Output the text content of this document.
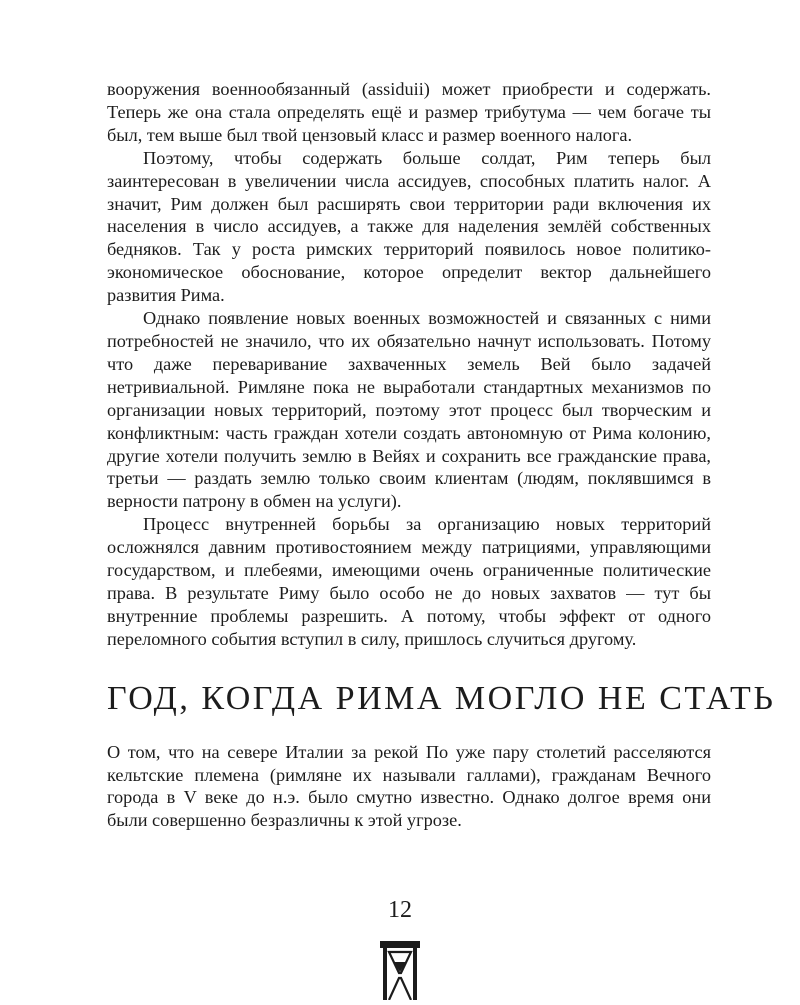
вооружения военнообязанный (assiduii) может приобрести и содержать. Теперь же она стала определять ещё и размер трибутума — чем богаче ты был, тем выше был твой цензовый класс и размер военного налога.

Поэтому, чтобы содержать больше солдат, Рим теперь был заинтересован в увеличении числа ассидуев, способных платить налог. А значит, Рим должен был расширять свои территории ради включения их населения в число ассидуев, а также для наделения землёй собственных бедняков. Так у роста римских территорий появилось новое политико-экономическое обоснование, которое определит вектор дальнейшего развития Рима.

Однако появление новых военных возможностей и связанных с ними потребностей не значило, что их обязательно начнут использовать. Потому что даже переваривание захваченных земель Вей было задачей нетривиальной. Римляне пока не выработали стандартных механизмов по организации новых территорий, поэтому этот процесс был творческим и конфликтным: часть граждан хотели создать автономную от Рима колонию, другие хотели получить землю в Вейях и сохранить все гражданские права, третьи — раздать землю только своим клиентам (людям, поклявшимся в верности патрону в обмен на услуги).

Процесс внутренней борьбы за организацию новых территорий осложнялся давним противостоянием между патрициями, управляющими государством, и плебеями, имеющими очень ограниченные политические права. В результате Риму было особо не до новых захватов — тут бы внутренние проблемы разрешить. А потому, чтобы эффект от одного переломного события вступил в силу, пришлось случиться другому.

ГОД, КОГДА РИМА МОГЛО НЕ СТАТЬ

О том, что на севере Италии за рекой По уже пару столетий расселяются кельтские племена (римляне их называли галлами), гражданам Вечного города в V веке до н.э. было смутно известно. Однако долгое время они были совершенно безразличны к этой угрозе.

12
